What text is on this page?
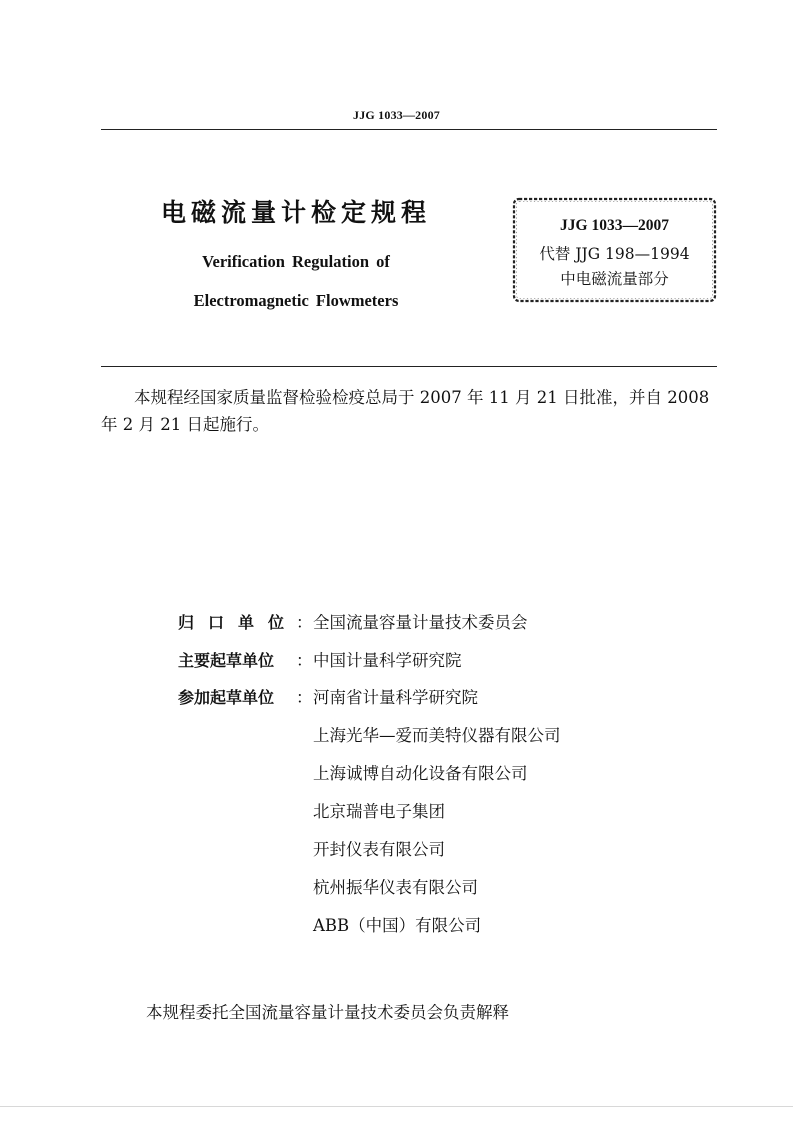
JJG 1033—2007
电磁流量计检定规程
Verification Regulation of
Electromagnetic Flowmeters
JJG 1033—2007
代替 JJG 198—1994
中电磁流量部分
本规程经国家质量监督检验检疫总局于 2007 年 11 月 21 日批准，并自 2008 年 2 月 21 日起施行。
归口单位：全国流量容量计量技术委员会
主要起草单位 ：中国计量科学研究院
参加起草单位 ：河南省计量科学研究院
上海光华—爱而美特仪器有限公司
上海诚博自动化设备有限公司
北京瑞普电子集团
开封仪表有限公司
杭州振华仪表有限公司
ABB（中国）有限公司
本规程委托全国流量容量计量技术委员会负责解释
